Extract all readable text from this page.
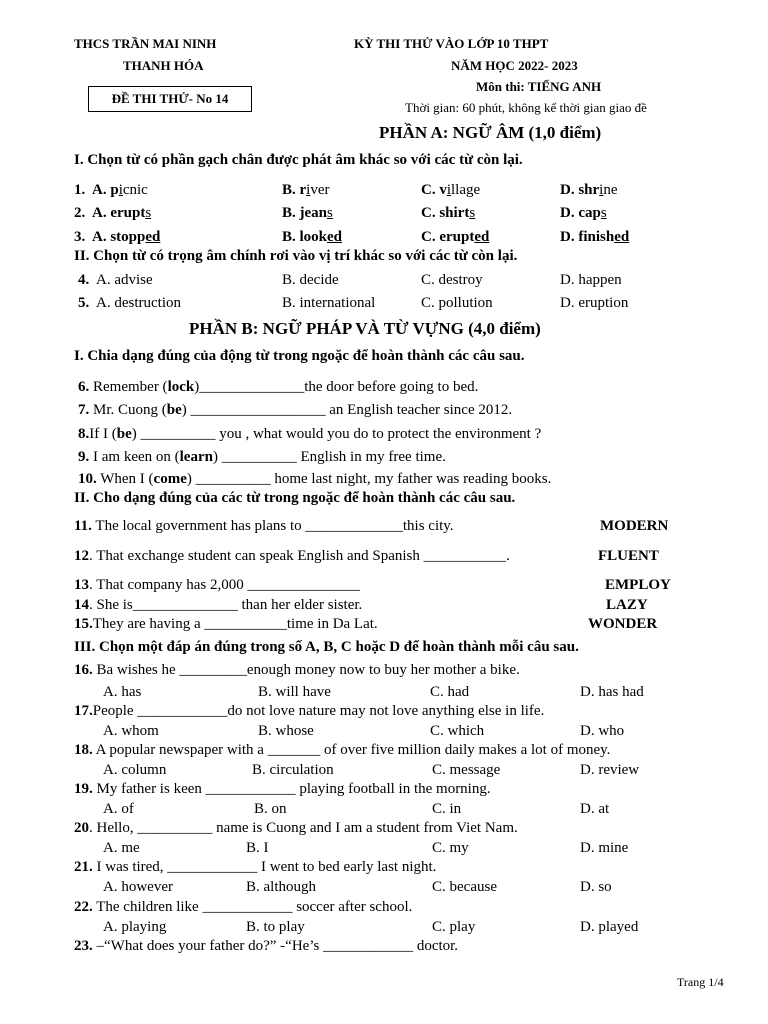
THCS TRẦN MAI NINH
THANH HÓA
ĐỀ THI THỬ- No 14
KỲ THI THỬ VÀO LỚP 10 THPT
NĂM HỌC 2022- 2023
Môn thi: TIẾNG ANH
Thời gian: 60 phút, không kể thời gian giao đề
PHẦN A: NGỮ ÂM (1,0 điểm)
I. Chọn từ có phần gạch chân được phát âm khác so với các từ còn lại.
1. A. picnic	B. river	C. village	D. shrine
2. A. erupts	B. jeans	C. shirts	D. caps
3. A. stopped	B. looked	C. erupted	D. finished
II. Chọn từ có trọng âm chính rơi vào vị trí khác so với các từ còn lại.
4. A. advise	B. decide	C. destroy	D. happen
5. A. destruction	B. international	C. pollution	D. eruption
PHẦN B: NGỮ PHÁP VÀ TỪ VỰNG (4,0 điểm)
I. Chia dạng đúng của động từ trong ngoặc để hoàn thành các câu sau.
6. Remember (lock)______________the door before going to bed.
7. Mr. Cuong (be) __________________ an English teacher since 2012.
8.If I (be) __________ you , what would you do to protect the environment ?
9. I am keen on (learn) __________ English in my free time.
10. When I (come) __________ home last night, my father was reading books.
II. Cho dạng đúng của các từ trong ngoặc để hoàn thành các câu sau.
11. The local government has plans to _____________this city.	MODERN
12. That exchange student can speak English and Spanish ___________.	FLUENT
13. That company has 2,000 _______________	EMPLOY
14. She is______________ than her elder sister.	LAZY
15.They are having a ___________time in Da Lat.	WONDER
III. Chọn một đáp án đúng trong số A, B, C hoặc D để hoàn thành mỗi câu sau.
16. Ba wishes he _________enough money now to buy her mother a bike.
A. has	B. will have	C. had	D. has had
17.People ____________do not love nature may not love anything else in life.
A. whom	B. whose	C. which	D. who
18. A popular newspaper with a _______ of over five million daily makes a lot of money.
A. column	B. circulation	C. message	D. review
19. My father is keen ____________ playing football in the morning.
A. of	B. on	C. in	D. at
20. Hello, __________ name is Cuong and I am a student from Viet Nam.
A. me	B. I	C. my	D. mine
21. I was tired, ____________ I went to bed early last night.
A. however	B. although	C. because	D. so
22. The children like ____________ soccer after school.
A. playing	B. to play	C. play	D. played
23. –“What does your father do?” -“He’s ____________ doctor.
Trang 1/4
